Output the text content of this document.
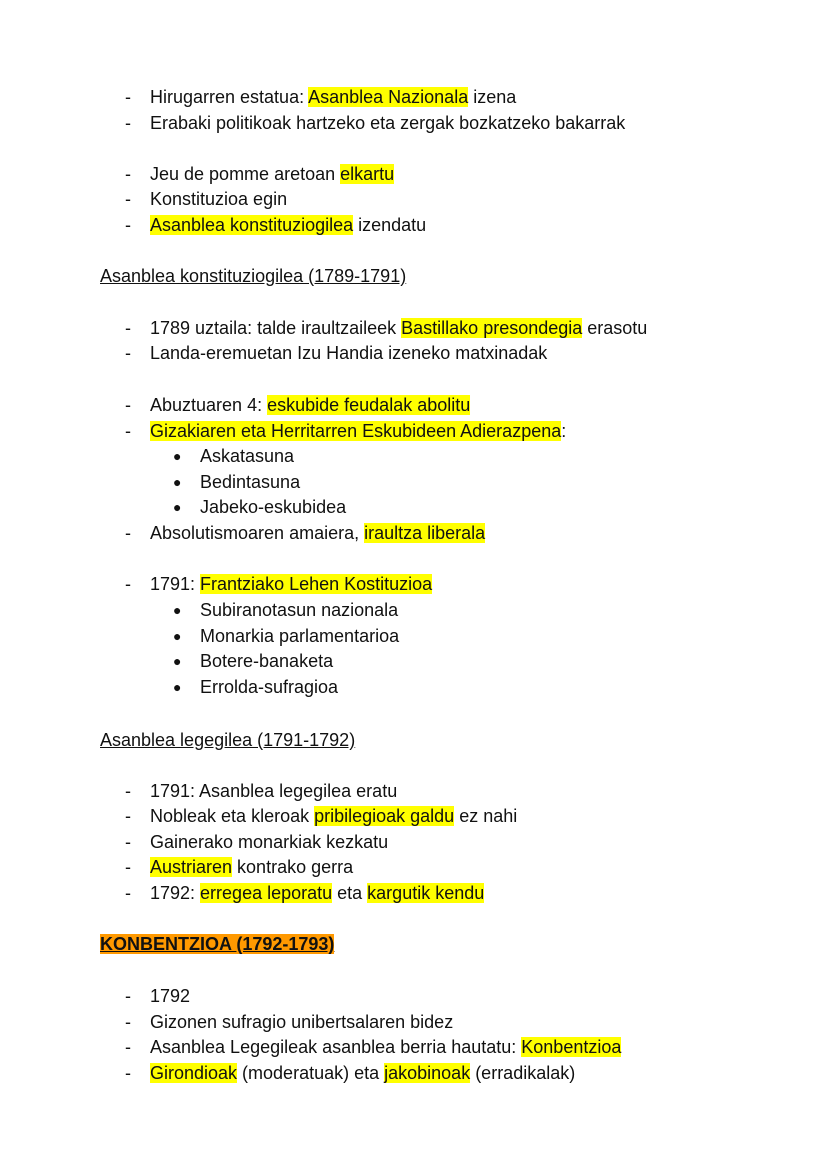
- Hirugarren estatua: Asanblea Nazionala izena
- Erabaki politikoak hartzeko eta zergak bozkatzeko bakarrak
- Jeu de pomme aretoan elkartu
- Konstituzioa egin
- Asanblea konstituziogilea izendatu
Asanblea konstituziogilea (1789-1791)
- 1789 uztaila: talde iraultzaileek Bastillako presondegia erasotu
- Landa-eremuetan Izu Handia izeneko matxinadak
- Abuztuaren 4: eskubide feudalak abolitu
- Gizakiaren eta Herritarren Eskubideen Adierazpena:
● Askatasuna
● Bedintasuna
● Jabeko-eskubidea
- Absolutismoaren amaiera, iraultza liberala
- 1791: Frantziako Lehen Kostituzioa
● Subiranotasun nazionala
● Monarkia parlamentarioa
● Botere-banaketa
● Errolda-sufragioa
Asanblea legegilea (1791-1792)
- 1791: Asanblea legegilea eratu
- Nobleak eta kleroak pribilegioak galdu ez nahi
- Gainerako monarkiak kezkatu
- Austriaren kontrako gerra
- 1792: erregea leporatu eta kargutik kendu
KONBENTZIOA (1792-1793)
- 1792
- Gizonen sufragio unibertsalaren bidez
- Asanblea Legegileak asanblea berria hautatu: Konbentzioa
- Girondioak (moderatuak) eta jakobinoak (erradikalak)
